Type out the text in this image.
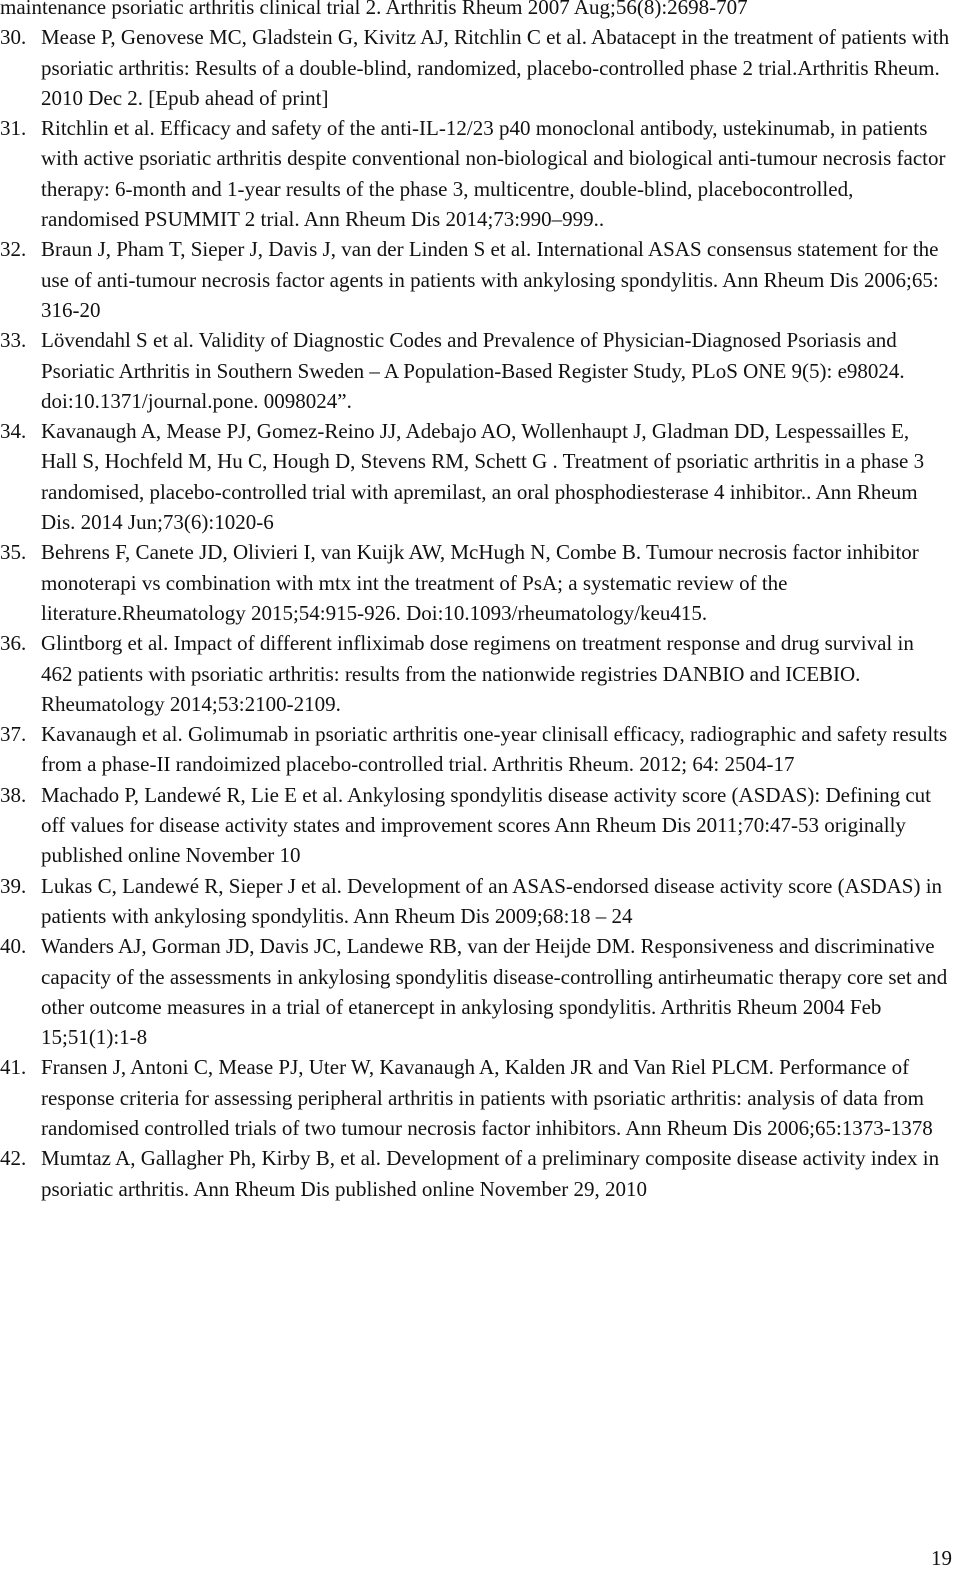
maintenance psoriatic arthritis clinical trial 2. Arthritis Rheum 2007 Aug;56(8):2698-707
30. Mease P, Genovese MC, Gladstein G, Kivitz AJ, Ritchlin C et al. Abatacept in the treatment of patients with psoriatic arthritis: Results of a double-blind, randomized, placebo-controlled phase 2 trial.Arthritis Rheum. 2010 Dec 2. [Epub ahead of print]
31. Ritchlin et al. Efficacy and safety of the anti-IL-12/23 p40 monoclonal antibody, ustekinumab, in patients with active psoriatic arthritis despite conventional non-biological and biological anti-tumour necrosis factor therapy: 6-month and 1-year results of the phase 3, multicentre, double-blind, placebocontrolled, randomised PSUMMIT 2 trial. Ann Rheum Dis 2014;73:990–999..
32. Braun J, Pham T, Sieper J, Davis J, van der Linden S et al. International ASAS consensus statement for the use of anti-tumour necrosis factor agents in patients with ankylosing spondylitis. Ann Rheum Dis 2006;65: 316-20
33. Lövendahl S et al. Validity of Diagnostic Codes and Prevalence of Physician-Diagnosed Psoriasis and Psoriatic Arthritis in Southern Sweden – A Population-Based Register Study, PLoS ONE 9(5): e98024. doi:10.1371/journal.pone. 0098024”.
34. Kavanaugh A, Mease PJ, Gomez-Reino JJ, Adebajo AO, Wollenhaupt J, Gladman DD, Lespessailles E, Hall S, Hochfeld M, Hu C, Hough D, Stevens RM, Schett G . Treatment of psoriatic arthritis in a phase 3 randomised, placebo-controlled trial with apremilast, an oral phosphodiesterase 4 inhibitor.. Ann Rheum Dis. 2014 Jun;73(6):1020-6
35. Behrens F, Canete JD, Olivieri I, van Kuijk AW, McHugh N, Combe B. Tumour necrosis factor inhibitor monoterapi vs combination with mtx int the treatment of PsA; a systematic review of the literature.Rheumatology 2015;54:915-926. Doi:10.1093/rheumatology/keu415.
36. Glintborg et al. Impact of different infliximab dose regimens on treatment response and drug survival in 462 patients with psoriatic arthritis: results from the nationwide registries DANBIO and ICEBIO. Rheumatology 2014;53:2100-2109.
37. Kavanaugh et al. Golimumab in psoriatic arthritis one-year clinisall efficacy, radiographic and safety results from a phase-II randoimized placebo-controlled trial. Arthritis Rheum. 2012; 64: 2504-17
38. Machado P, Landewé R, Lie E et al. Ankylosing spondylitis disease activity score (ASDAS): Defining cut off values for disease activity states and improvement scores Ann Rheum Dis 2011;70:47-53 originally published online November 10
39. Lukas C, Landewé R, Sieper J et al. Development of an ASAS-endorsed disease activity score (ASDAS) in patients with ankylosing spondylitis. Ann Rheum Dis 2009;68:18 – 24
40. Wanders AJ, Gorman JD, Davis JC, Landewe RB, van der Heijde DM. Responsiveness and discriminative capacity of the assessments in ankylosing spondylitis disease-controlling antirheumatic therapy core set and other outcome measures in a trial of etanercept in ankylosing spondylitis. Arthritis Rheum 2004 Feb 15;51(1):1-8
41. Fransen J, Antoni C, Mease PJ, Uter W, Kavanaugh A, Kalden JR and Van Riel PLCM. Performance of response criteria for assessing peripheral arthritis in patients with psoriatic arthritis: analysis of data from randomised controlled trials of two tumour necrosis factor inhibitors. Ann Rheum Dis 2006;65:1373-1378
42. Mumtaz A, Gallagher Ph, Kirby B, et al. Development of a preliminary composite disease activity index in psoriatic arthritis. Ann Rheum Dis published online November 29, 2010
19
